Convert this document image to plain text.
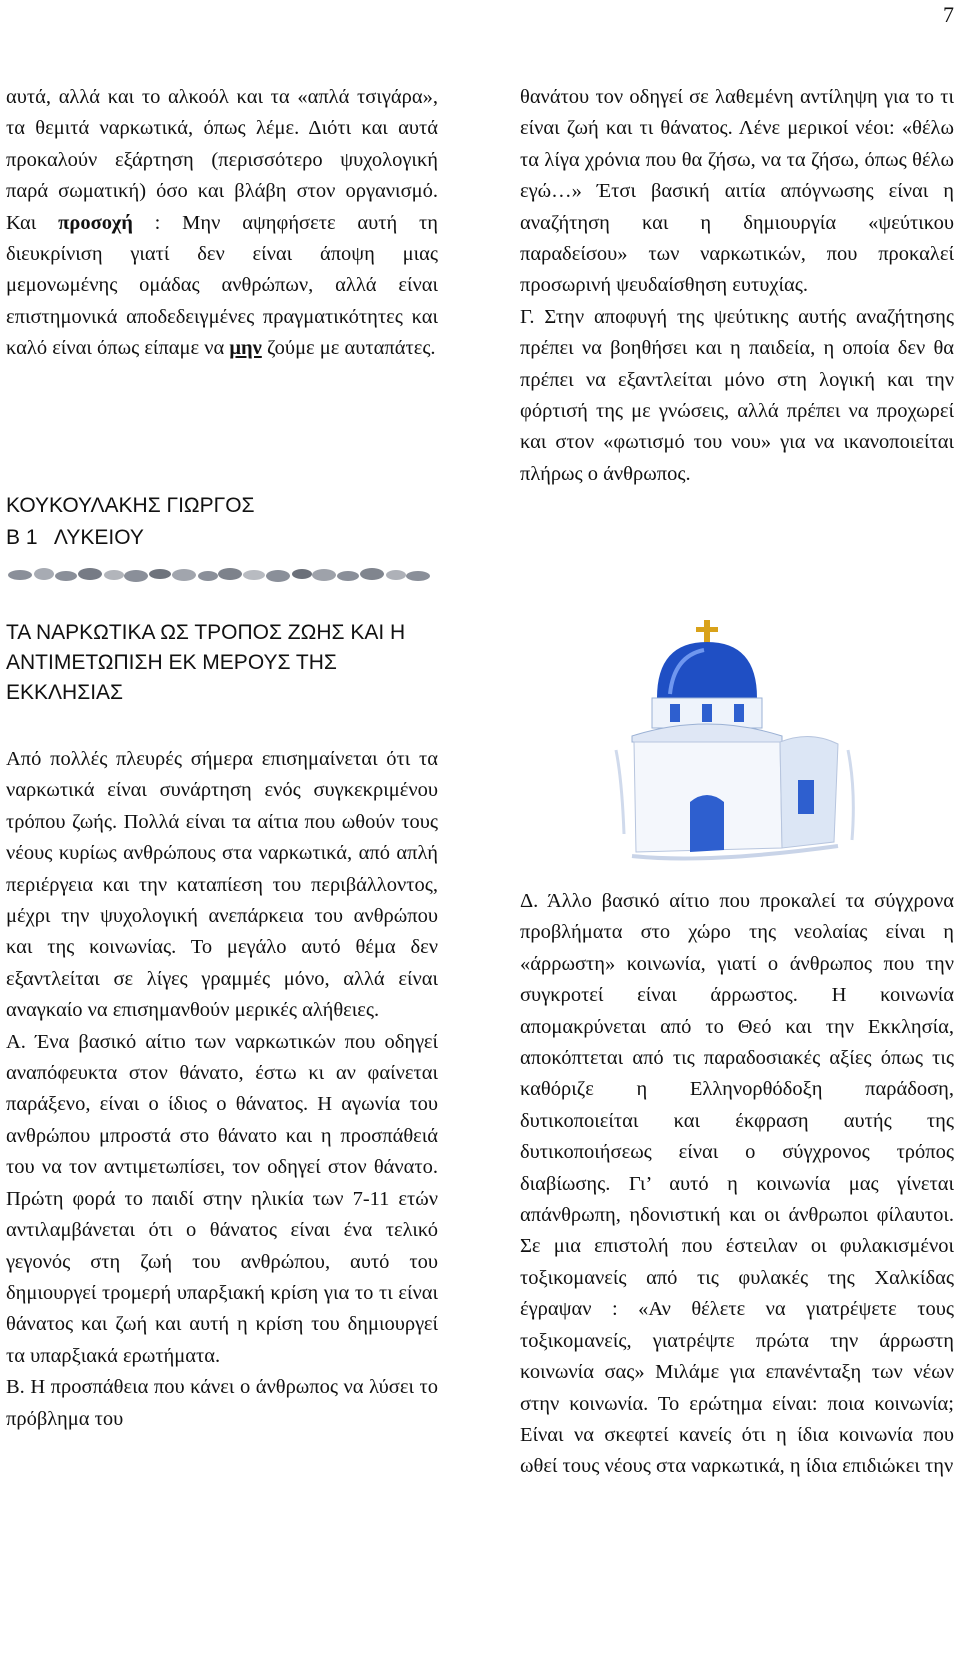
7

αυτά, αλλά και το αλκοόλ και τα «απλά τσιγάρα», τα θεμιτά ναρκωτικά, όπως λέμε. Διότι και αυτά προκαλούν εξάρτηση (περισσότερο ψυχολογική παρά σωματική) όσο και βλάβη στον οργανισμό. Και προσοχή : Μην αψηφήσετε αυτή τη διευκρίνιση γιατί δεν είναι άποψη μιας μεμονωμένης ομάδας ανθρώπων, αλλά είναι επιστημονικά αποδεδειγμένες πραγματικότητες και καλό είναι όπως είπαμε να μην ζούμε με αυταπάτες.

ΚΟΥΚΟΥΛΑΚΗΣ ΓΙΩΡΓΟΣ
Β 1   ΛΥΚΕΙΟΥ
ΤΑ ΝΑΡΚΩΤΙΚΑ ΩΣ ΤΡΟΠΟΣ ΖΩΗΣ ΚΑΙ Η ΑΝΤΙΜΕΤΩΠΙΣΗ ΕΚ ΜΕΡΟΥΣ ΤΗΣ ΕΚΚΛΗΣΙΑΣ

Από πολλές πλευρές σήμερα επισημαίνεται ότι τα ναρκωτικά είναι συνάρτηση ενός συγκεκριμένου τρόπου ζωής. Πολλά είναι τα αίτια που ωθούν τους νέους κυρίως ανθρώπους στα ναρκωτικά, από απλή περιέργεια και την καταπίεση του περιβάλλοντος, μέχρι την ψυχολογική ανεπάρκεια του ανθρώπου και της κοινωνίας. Το μεγάλο αυτό θέμα δεν εξαντλείται σε λίγες γραμμές μόνο, αλλά είναι αναγκαίο να επισημανθούν μερικές αλήθειες.

Α. Ένα βασικό αίτιο των ναρκωτικών που οδηγεί αναπόφευκτα στον θάνατο, έστω κι αν φαίνεται παράξενο, είναι ο ίδιος ο θάνατος. Η αγωνία του ανθρώπου μπροστά στο θάνατο και η προσπάθειά του να τον αντιμετωπίσει, τον οδηγεί στον θάνατο. Πρώτη φορά το παιδί στην ηλικία των 7-11 ετών αντιλαμβάνεται ότι ο θάνατος είναι ένα τελικό γεγονός στη ζωή του ανθρώπου, αυτό του δημιουργεί τρομερή υπαρξιακή κρίση για το τι είναι θάνατος και ζωή και αυτή η κρίση του δημιουργεί τα υπαρξιακά ερωτήματα.

Β. Η προσπάθεια που κάνει ο άνθρωπος να λύσει το πρόβλημα του

θανάτου τον οδηγεί σε λαθεμένη αντίληψη για το τι είναι ζωή και τι θάνατος. Λένε μερικοί νέοι: «θέλω τα λίγα χρόνια που θα ζήσω, να τα ζήσω, όπως θέλω εγώ…» Έτσι βασική αιτία απόγνωσης είναι η αναζήτηση και η δημιουργία «ψεύτικου παραδείσου» των ναρκωτικών, που προκαλεί προσωρινή ψευδαίσθηση ευτυχίας.

Γ. Στην αποφυγή της ψεύτικης αυτής αναζήτησης πρέπει να βοηθήσει και η παιδεία, η οποία δεν θα πρέπει να εξαντλείται μόνο στη λογική και την φόρτισή της με γνώσεις, αλλά πρέπει να προχωρεί και στον «φωτισμό του νου» για να ικανοποιείται πλήρως ο άνθρωπος.

Δ. Άλλο βασικό αίτιο που προκαλεί τα σύγχρονα προβλήματα στο χώρο της νεολαίας είναι η «άρρωστη» κοινωνία, γιατί ο άνθρωπος που την συγκροτεί είναι άρρωστος. Η κοινωνία απομακρύνεται από το Θεό και την Εκκλησία, αποκόπτεται από τις παραδοσιακές αξίες όπως τις καθόριζε η Ελληνορθόδοξη παράδοση, δυτικοποιείται και έκφραση αυτής της δυτικοποιήσεως είναι ο σύγχρονος τρόπος διαβίωσης. Γι’ αυτό η κοινωνία μας γίνεται απάνθρωπη, ηδονιστική και οι άνθρωποι φίλαυτοι. Σε μια επιστολή που έστειλαν οι φυλακισμένοι τοξικομανείς από τις φυλακές της Χαλκίδας έγραψαν : «Αν θέλετε να γιατρέψετε τους τοξικομανείς, γιατρέψτε πρώτα την άρρωστη κοινωνία σας» Μιλάμε για επανένταξη των νέων στην κοινωνία. Το ερώτημα είναι: ποια κοινωνία; Είναι να σκεφτεί κανείς ότι η ίδια κοινωνία που ωθεί τους νέους στα ναρκωτικά, η ίδια επιδιώκει την
